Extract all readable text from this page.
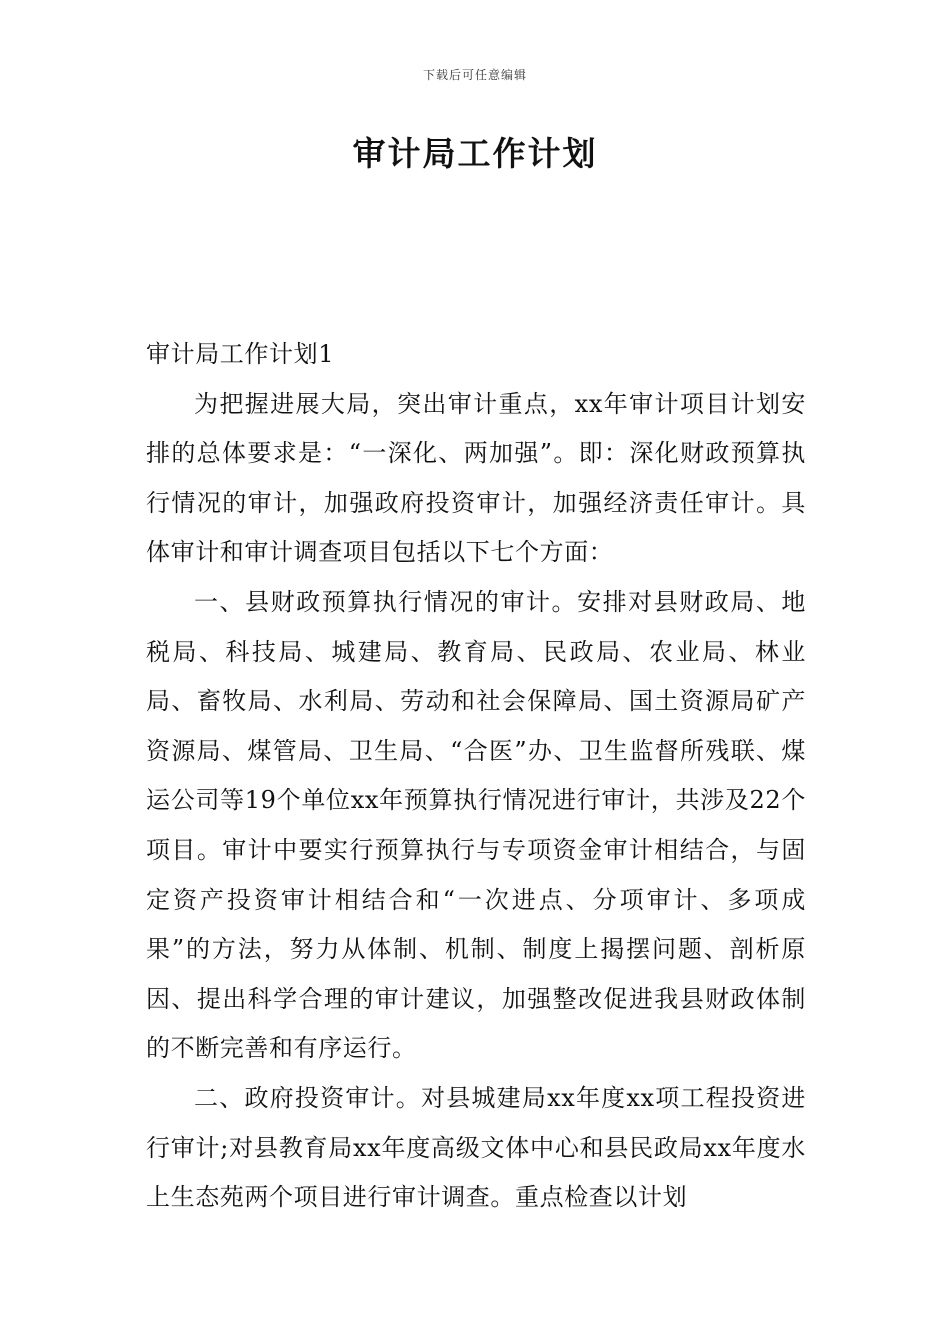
下载后可任意编辑
审计局工作计划

审计局工作计划1

为把握进展大局，突出审计重点，xx年审计项目计划安排的总体要求是：“一深化、两加强”。即：深化财政预算执行情况的审计，加强政府投资审计，加强经济责任审计。具体审计和审计调查项目包括以下七个方面：

一、县财政预算执行情况的审计。安排对县财政局、地税局、科技局、城建局、教育局、民政局、农业局、林业局、畜牧局、水利局、劳动和社会保障局、国土资源局矿产资源局、煤管局、卫生局、“合医”办、卫生监督所残联、煤运公司等19个单位xx年预算执行情况进行审计，共涉及22个项目。审计中要实行预算执行与专项资金审计相结合，与固定资产投资审计相结合和“一次进点、分项审计、多项成果”的方法，努力从体制、机制、制度上揭摆问题、剖析原因、提出科学合理的审计建议，加强整改促进我县财政体制的不断完善和有序运行。

二、政府投资审计。对县城建局xx年度xx项工程投资进行审计;对县教育局xx年度高级文体中心和县民政局xx年度水上生态苑两个项目进行审计调查。重点检查以计划
